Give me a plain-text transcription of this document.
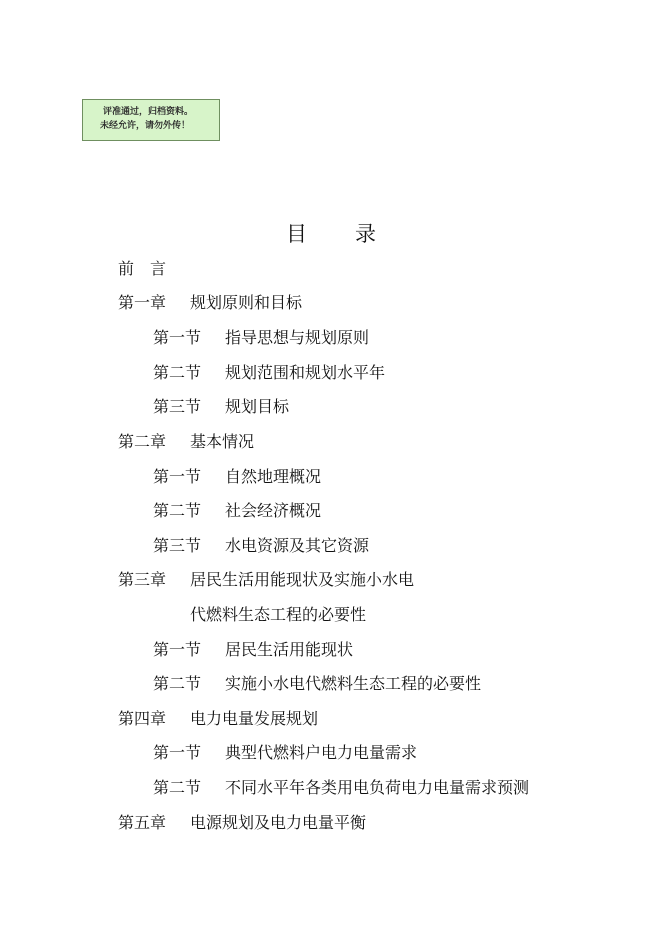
评准通过，归档资料。
未经允许，请勿外传！
目 录
前　言
第一章 规划原则和目标
第一节 指导思想与规划原则
第二节 规划范围和规划水平年
第三节 规划目标
第二章 基本情况
第一节 自然地理概况
第二节 社会经济概况
第三节 水电资源及其它资源
第三章 居民生活用能现状及实施小水电
代燃料生态工程的必要性
第一节 居民生活用能现状
第二节 实施小水电代燃料生态工程的必要性
第四章 电力电量发展规划
第一节 典型代燃料户电力电量需求
第二节 不同水平年各类用电负荷电力电量需求预测
第五章 电源规划及电力电量平衡
